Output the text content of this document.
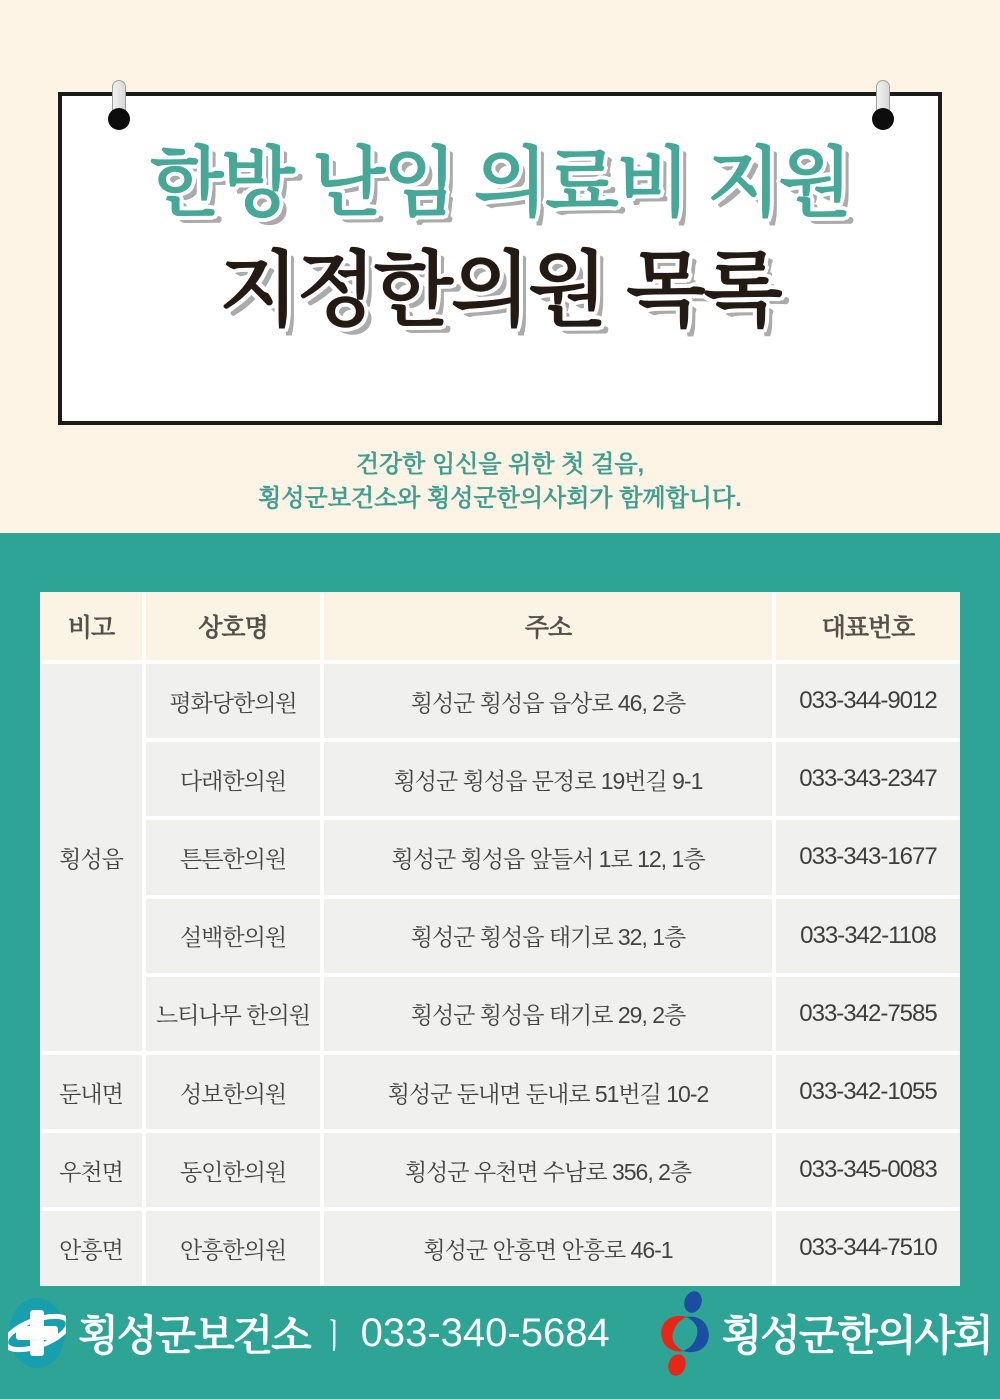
한방 난임 의료비 지원
지정한의원 목록

건강한 임신을 위한 첫 걸음,
횡성군보건소와 횡성군한의사회가 함께합니다.

비고	상호명	주소	대표번호
횡성읍
평화당한의원	횡성군 횡성읍 읍상로 46, 2층	033-344-9012
다래한의원	횡성군 횡성읍 문정로 19번길 9-1	033-343-2347
튼튼한의원	횡성군 횡성읍 앞들서 1로 12, 1층	033-343-1677
설백한의원	횡성군 횡성읍 태기로 32, 1층	033-342-1108
느티나무 한의원	횡성군 횡성읍 태기로 29, 2층	033-342-7585
둔내면	성보한의원	횡성군 둔내면 둔내로 51번길 10-2	033-342-1055
우천면	동인한의원	횡성군 우천면 수남로 356, 2층	033-345-0083
안흥면	안흥한의원	횡성군 안흥면 안흥로 46-1	033-344-7510
횡성군보건소 ㅣ 033-340-5684	횡성군한의사회
